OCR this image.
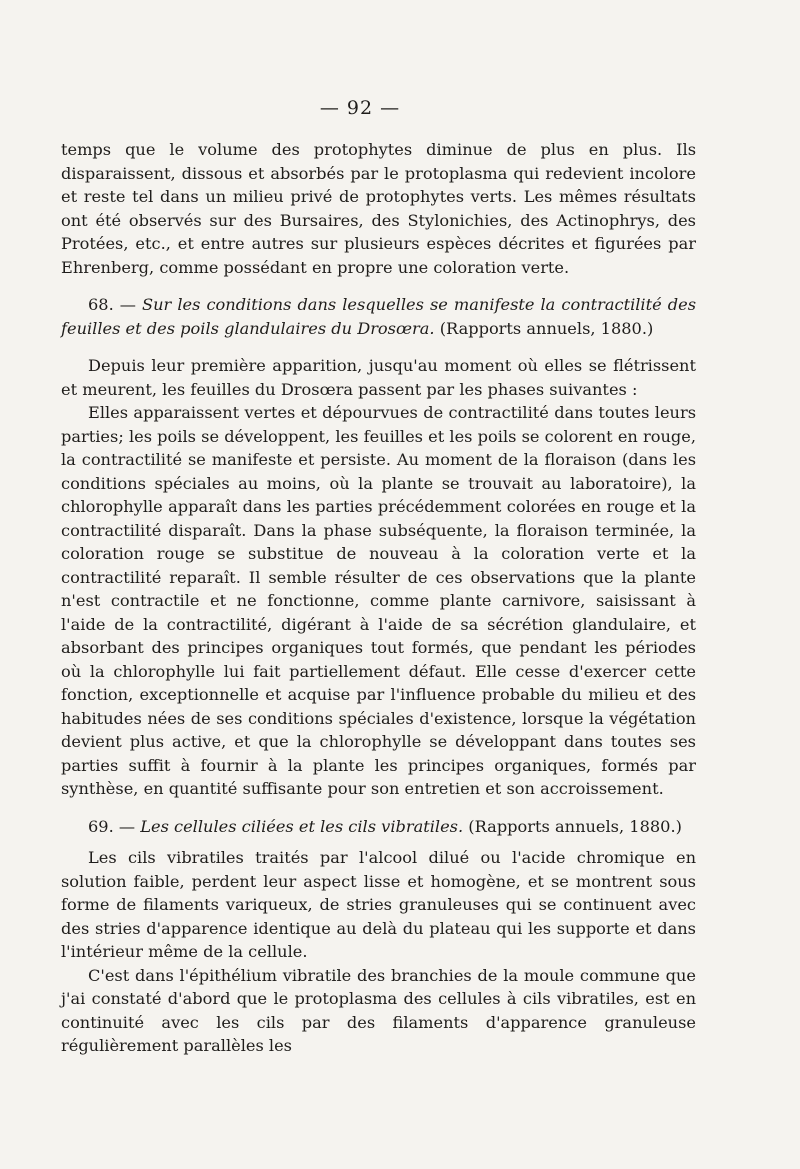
— 92 —

temps que le volume des protophytes diminue de plus en plus. Ils disparaissent, dissous et absorbés par le protoplasma qui redevient incolore et reste tel dans un milieu privé de protophytes verts. Les mêmes résultats ont été observés sur des Bursaires, des Stylonichies, des Actinophrys, des Protées, etc., et entre autres sur plusieurs espèces décrites et figurées par Ehrenberg, comme possédant en propre une coloration verte.

68. — Sur les conditions dans lesquelles se manifeste la contractilité des feuilles et des poils glandulaires du Drosœra. (Rapports annuels, 1880.)

Depuis leur première apparition, jusqu'au moment où elles se flétrissent et meurent, les feuilles du Drosœra passent par les phases suivantes :

Elles apparaissent vertes et dépourvues de contractilité dans toutes leurs parties; les poils se développent, les feuilles et les poils se colorent en rouge, la contractilité se manifeste et persiste. Au moment de la floraison (dans les conditions spéciales au moins, où la plante se trouvait au laboratoire), la chlorophylle apparaît dans les parties précédemment colorées en rouge et la contractilité disparaît. Dans la phase subséquente, la floraison terminée, la coloration rouge se substitue de nouveau à la coloration verte et la contractilité reparaît. Il semble résulter de ces observations que la plante n'est contractile et ne fonctionne, comme plante carnivore, saisissant à l'aide de la contractilité, digérant à l'aide de sa sécrétion glandulaire, et absorbant des principes organiques tout formés, que pendant les périodes où la chlorophylle lui fait partiellement défaut. Elle cesse d'exercer cette fonction, exceptionnelle et acquise par l'influence probable du milieu et des habitudes nées de ses conditions spéciales d'existence, lorsque la végétation devient plus active, et que la chlorophylle se développant dans toutes ses parties suffit à fournir à la plante les principes organiques, formés par synthèse, en quantité suffisante pour son entretien et son accroissement.

69. — Les cellules ciliées et les cils vibratiles. (Rapports annuels, 1880.)

Les cils vibratiles traités par l'alcool dilué ou l'acide chromique en solution faible, perdent leur aspect lisse et homogène, et se montrent sous forme de filaments variqueux, de stries granuleuses qui se continuent avec des stries d'apparence identique au delà du plateau qui les supporte et dans l'intérieur même de la cellule.

C'est dans l'épithélium vibratile des branchies de la moule commune que j'ai constaté d'abord que le protoplasma des cellules à cils vibratiles, est en continuité avec les cils par des filaments d'apparence granuleuse régulièrement parallèles les
